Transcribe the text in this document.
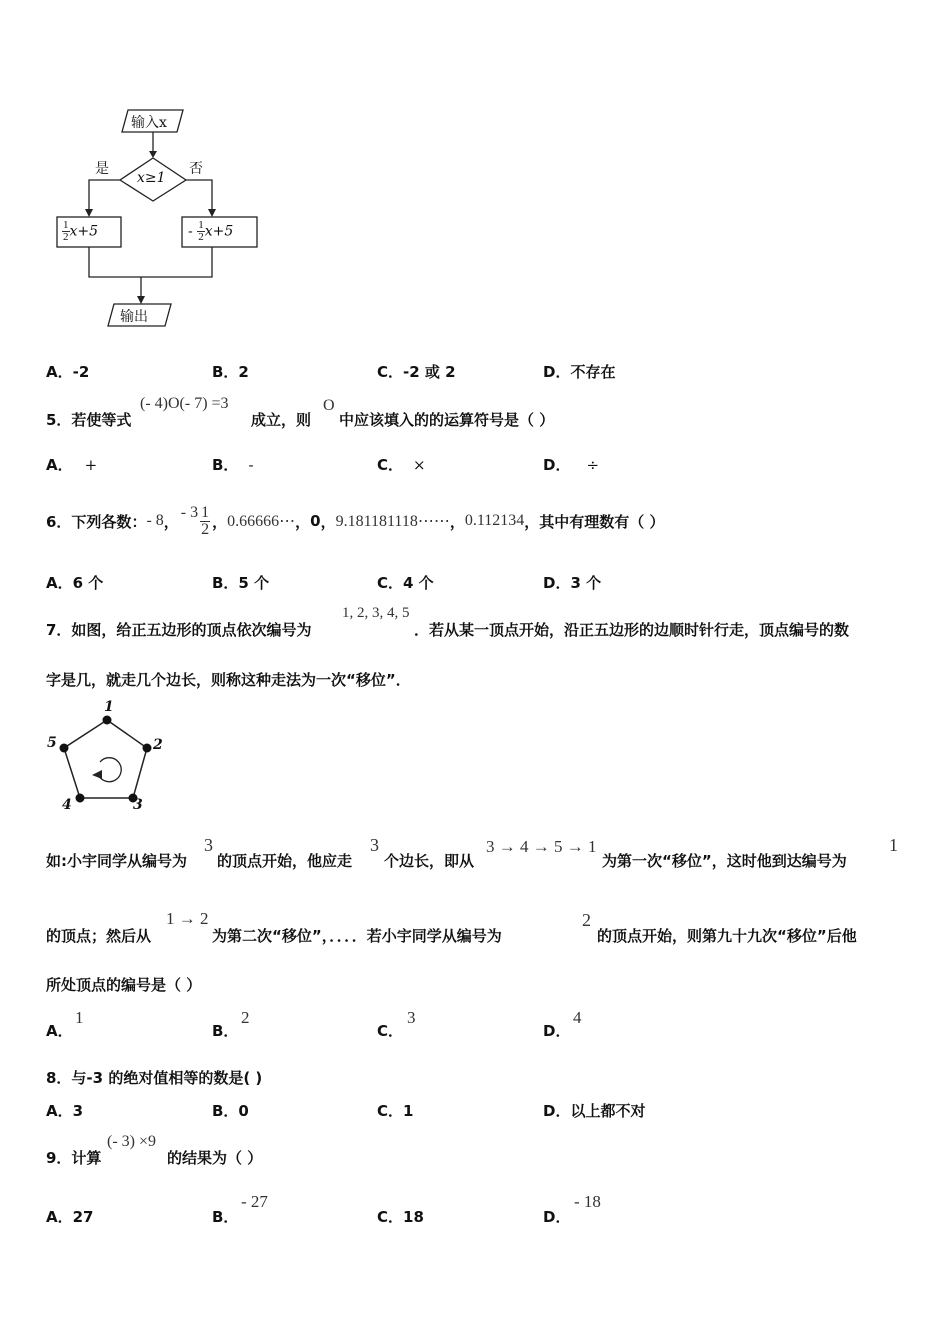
输入x
x≥1
是	否
$\frac{1}{2} x+5$	- $\frac{1}{2} x+5$
输出
A．-2	B．2	C．-2 或 2	D．不存在
5．若使等式
(- 4)O(- 7) =3
成立，则
O
中应该填入的的运算符号是（ ）
A． +	B． -	C． ×	D． ÷
6．下列各数： - 8 ， - $3 \frac{1}{2}$ ， 0.66666⋯ ， 0 ， 9.181181118⋯⋯ ， 0.112134 ，其中有理数有（ ）
A．6 个	B．5 个	C．4 个	D．3 个
7．如图，给正五边形的顶点依次编号为
1, 2, 3, 4, 5
．若从某一顶点开始，沿正五边形的边顺时针行走，顶点编号的数
字是几，就走几个边长，则称这种走法为一次“移位”．
1
2
3
4
5
如:小宇同学从编号为
3
的顶点开始，他应走
3
个边长，即从
3 → 4 → 5 → 1
为第一次“移位”，这时他到达编号为
1
的顶点；然后从
1 → 2
为第二次“移位”，．．．．若小宇同学从编号为
2
的顶点开始，则第九十九次“移位”后他
所处顶点的编号是（ ）
A．
1
B．
2
C．
3
D．
4
8．与-3 的绝对值相等的数是( )
A．3	B．0	C．1	D．以上都不对
9．计算
(- 3) ×9
的结果为（ ）
A．27	B．
- 27
C．18	D．
- 18
